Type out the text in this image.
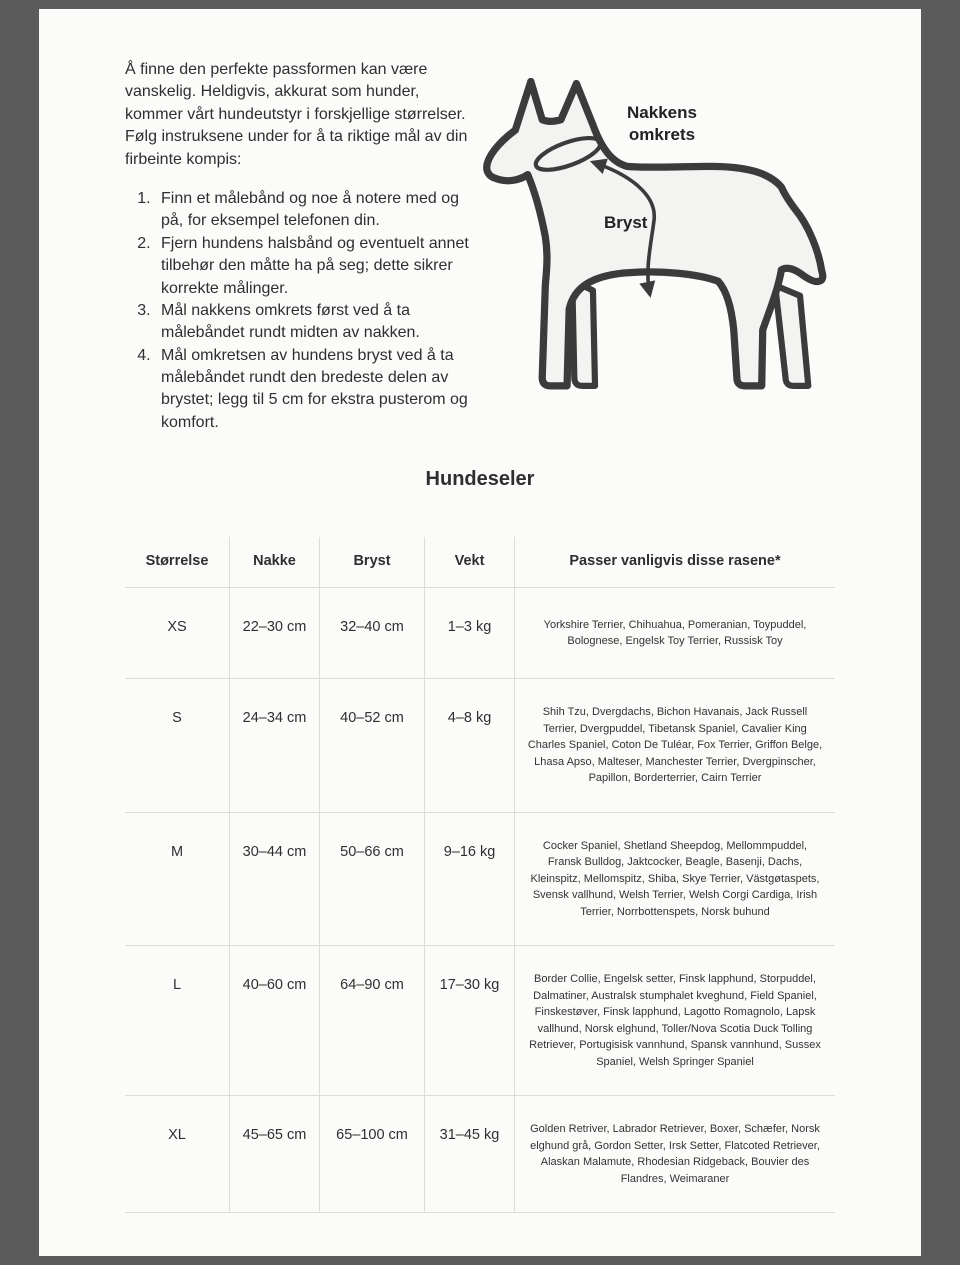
Å finne den perfekte passformen kan være vanskelig. Heldigvis, akkurat som hunder, kommer vårt hundeutstyr i forskjellige størrelser. Følg instruksene under for å ta riktige mål av din firbeinte kompis:

1. Finn et målebånd og noe å notere med og på, for eksempel telefonen din.
2. Fjern hundens halsbånd og eventuelt annet tilbehør den måtte ha på seg; dette sikrer korrekte målinger.
3. Mål nakkens omkrets først ved å ta målebåndet rundt midten av nakken.
4. Mål omkretsen av hundens bryst ved å ta målebåndet rundt den bredeste delen av brystet; legg til 5 cm for ekstra pusterom og komfort.
Nakkens omkrets
Bryst
Hundeseler
Størrelse	Nakke	Bryst	Vekt	Passer vanligvis disse rasene*
XS	22–30 cm	32–40 cm	1–3 kg	Yorkshire Terrier, Chihuahua, Pomeranian, Toypuddel, Bolognese, Engelsk Toy Terrier, Russisk Toy
S	24–34 cm	40–52 cm	4–8 kg	Shih Tzu, Dvergdachs, Bichon Havanais, Jack Russell Terrier, Dvergpuddel, Tibetansk Spaniel, Cavalier King Charles Spaniel, Coton De Tuléar, Fox Terrier, Griffon Belge, Lhasa Apso, Malteser, Manchester Terrier, Dvergpinscher, Papillon, Borderterrier, Cairn Terrier
M	30–44 cm	50–66 cm	9–16 kg	Cocker Spaniel, Shetland Sheepdog, Mellommpuddel, Fransk Bulldog, Jaktcocker, Beagle, Basenji, Dachs, Kleinspitz, Mellomspitz, Shiba, Skye Terrier, Västgøtaspets, Svensk vallhund, Welsh Terrier, Welsh Corgi Cardiga, Irish Terrier, Norrbottenspets, Norsk buhund
L	40–60 cm	64–90 cm	17–30 kg	Border Collie, Engelsk setter, Finsk lapphund, Storpuddel, Dalmatiner, Australsk stumphalet kveghund, Field Spaniel, Finskestøver, Finsk lapphund, Lagotto Romagnolo, Lapsk vallhund, Norsk elghund, Toller/Nova Scotia Duck Tolling Retriever, Portugisisk vannhund, Spansk vannhund, Sussex Spaniel, Welsh Springer Spaniel
XL	45–65 cm	65–100 cm	31–45 kg	Golden Retriver, Labrador Retriever, Boxer, Schæfer, Norsk elghund grå, Gordon Setter, Irsk Setter, Flatcoted Retriever, Alaskan Malamute, Rhodesian Ridgeback, Bouvier des Flandres, Weimaraner
